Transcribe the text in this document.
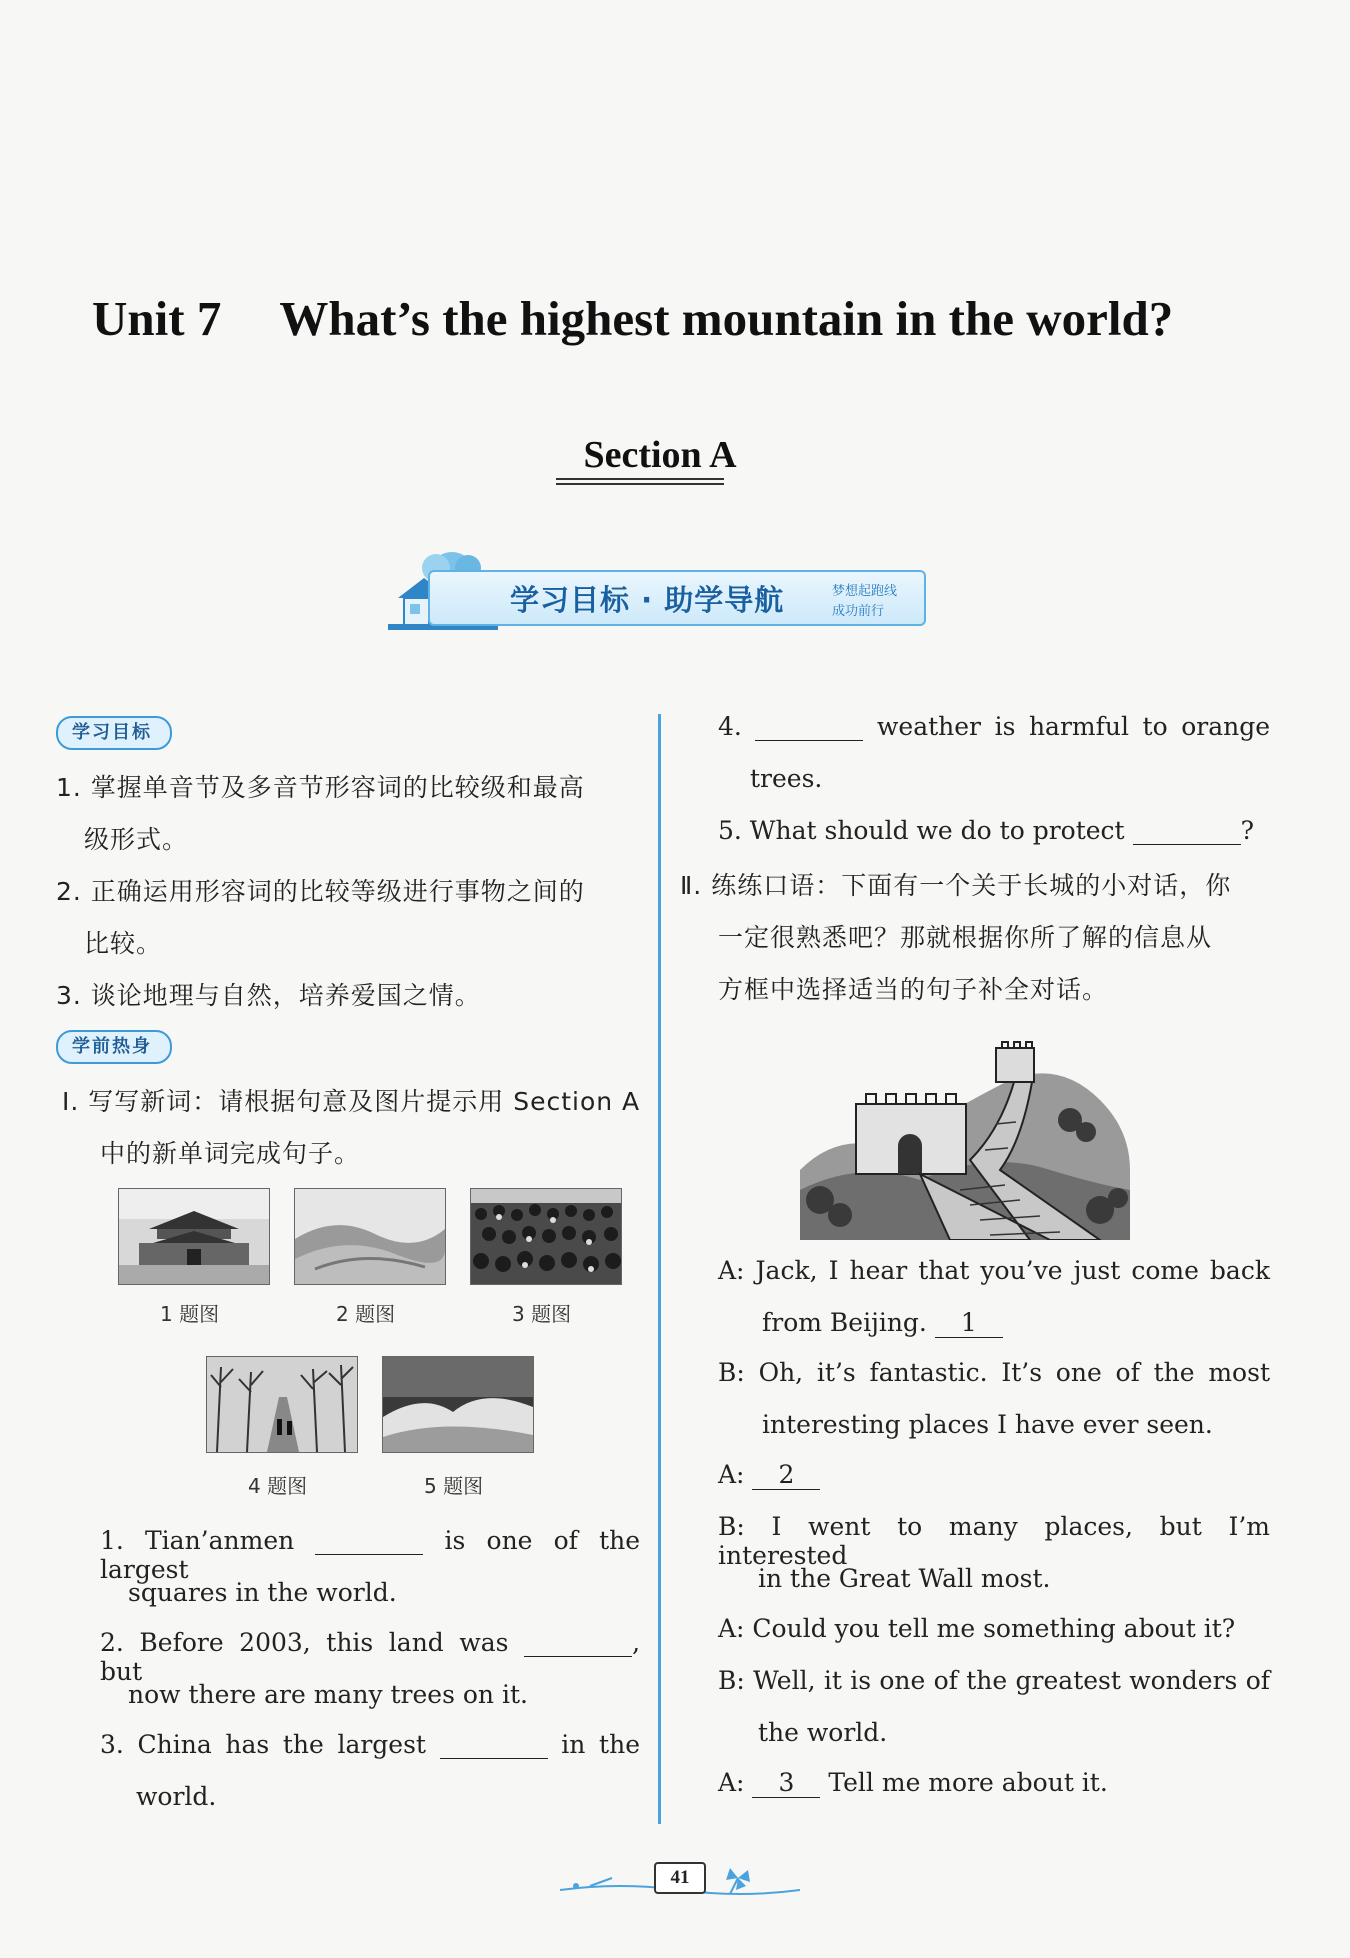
Unit 7 What’s the highest mountain in the world?
Section A
学习目标 · 助学导航	梦想起跑线
成功前行
学习目标
1. 掌握单音节及多音节形容词的比较级和最高
级形式。
2. 正确运用形容词的比较等级进行事物之间的
比较。
3. 谈论地理与自然，培养爱国之情。
学前热身
Ⅰ. 写写新词：请根据句意及图片提示用 Section A
中的新单词完成句子。
1 题图	2 题图	3 题图
4 题图	5 题图
1. Tian’anmen	is one of the largest
squares in the world.
2. Before 2003, this land was	, but
now there are many trees on it.
3. China has the largest	in the
world.
4.	weather is harmful to orange
trees.
5. What should we do to protect	?
Ⅱ. 练练口语：下面有一个关于长城的小对话，你
一定很熟悉吧？那就根据你所了解的信息从
方框中选择适当的句子补全对话。
A: Jack, I hear that you’ve just come back
from Beijing. 1
B: Oh, it’s fantastic. It’s one of the most
interesting places I have ever seen.
A: 2
B: I went to many places, but I’m interested
in the Great Wall most.
A: Could you tell me something about it?
B: Well, it is one of the greatest wonders of
the world.
A: 3 Tell me more about it.
41
